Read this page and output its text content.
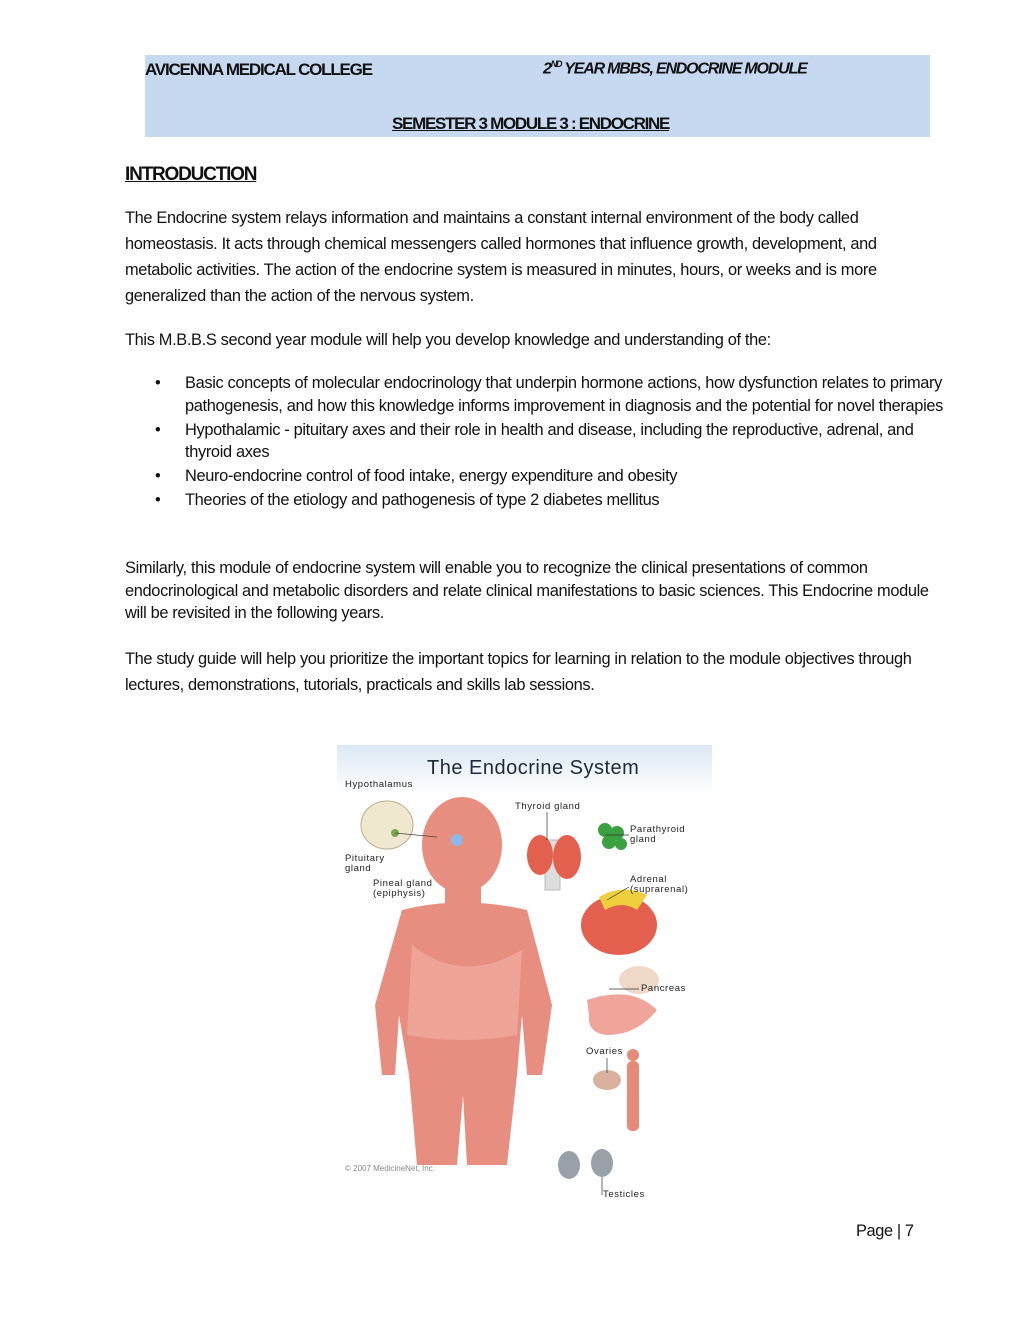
AVICENNA MEDICAL COLLEGE	2ND YEAR MBBS, ENDOCRINE MODULE
SEMESTER 3 MODULE 3 : ENDOCRINE
INTRODUCTION

The Endocrine system relays information and maintains a constant internal environment of the body called homeostasis. It acts through chemical messengers called hormones that influence growth, development, and metabolic activities. The action of the endocrine system is measured in minutes, hours, or weeks and is more generalized than the action of the nervous system.

This M.B.B.S second year module will help you develop knowledge and understanding of the:

• Basic concepts of molecular endocrinology that underpin hormone actions, how dysfunction relates to primary pathogenesis, and how this knowledge informs improvement in diagnosis and the potential for novel therapies
• Hypothalamic - pituitary axes and their role in health and disease, including the reproductive, adrenal, and thyroid axes
• Neuro-endocrine control of food intake, energy expenditure and obesity
• Theories of the etiology and pathogenesis of type 2 diabetes mellitus

Similarly, this module of endocrine system will enable you to recognize the clinical presentations of common endocrinological and metabolic disorders and relate clinical manifestations to basic sciences. This Endocrine module will be revisited in the following years.

The study guide will help you prioritize the important topics for learning in relation to the module objectives through lectures, demonstrations, tutorials, practicals and skills lab sessions.

The Endocrine System
Hypothalamus
Pituitary
gland
Pineal gland
(epiphysis)
Thyroid gland
Parathyroid
gland
Adrenal
(suprarenal)
Pancreas
Ovaries
Testicles
© 2007 MedicineNet, Inc.
Page | 7
